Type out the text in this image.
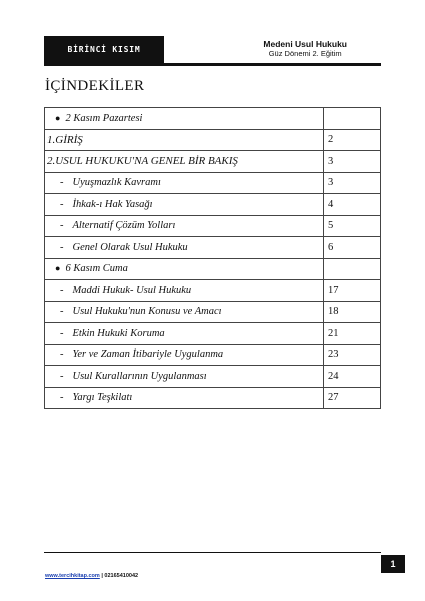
BİRİNCİ KISIM
Medeni Usul Hukuku
Güz Dönemi 2. Eğitim
İÇİNDEKİLER
● 2 Kasım Pazartesi	
1.GİRİŞ	2
2.USUL HUKUKU'NA GENEL BİR BAKIŞ	3
- Uyuşmazlık Kavramı	3
- İhkak-ı Hak Yasağı	4
- Alternatif Çözüm Yolları	5
- Genel Olarak Usul Hukuku	6
● 6 Kasım Cuma	
- Maddi Hukuk- Usul Hukuku	17
- Usul Hukuku'nun Konusu ve Amacı	18
- Etkin Hukuki Koruma	21
- Yer ve Zaman İtibariyle Uygulanma	23
- Usul Kurallarının Uygulanması	24
- Yargı Teşkilatı	27
1
www.tercihkitap.com | 02165410042
